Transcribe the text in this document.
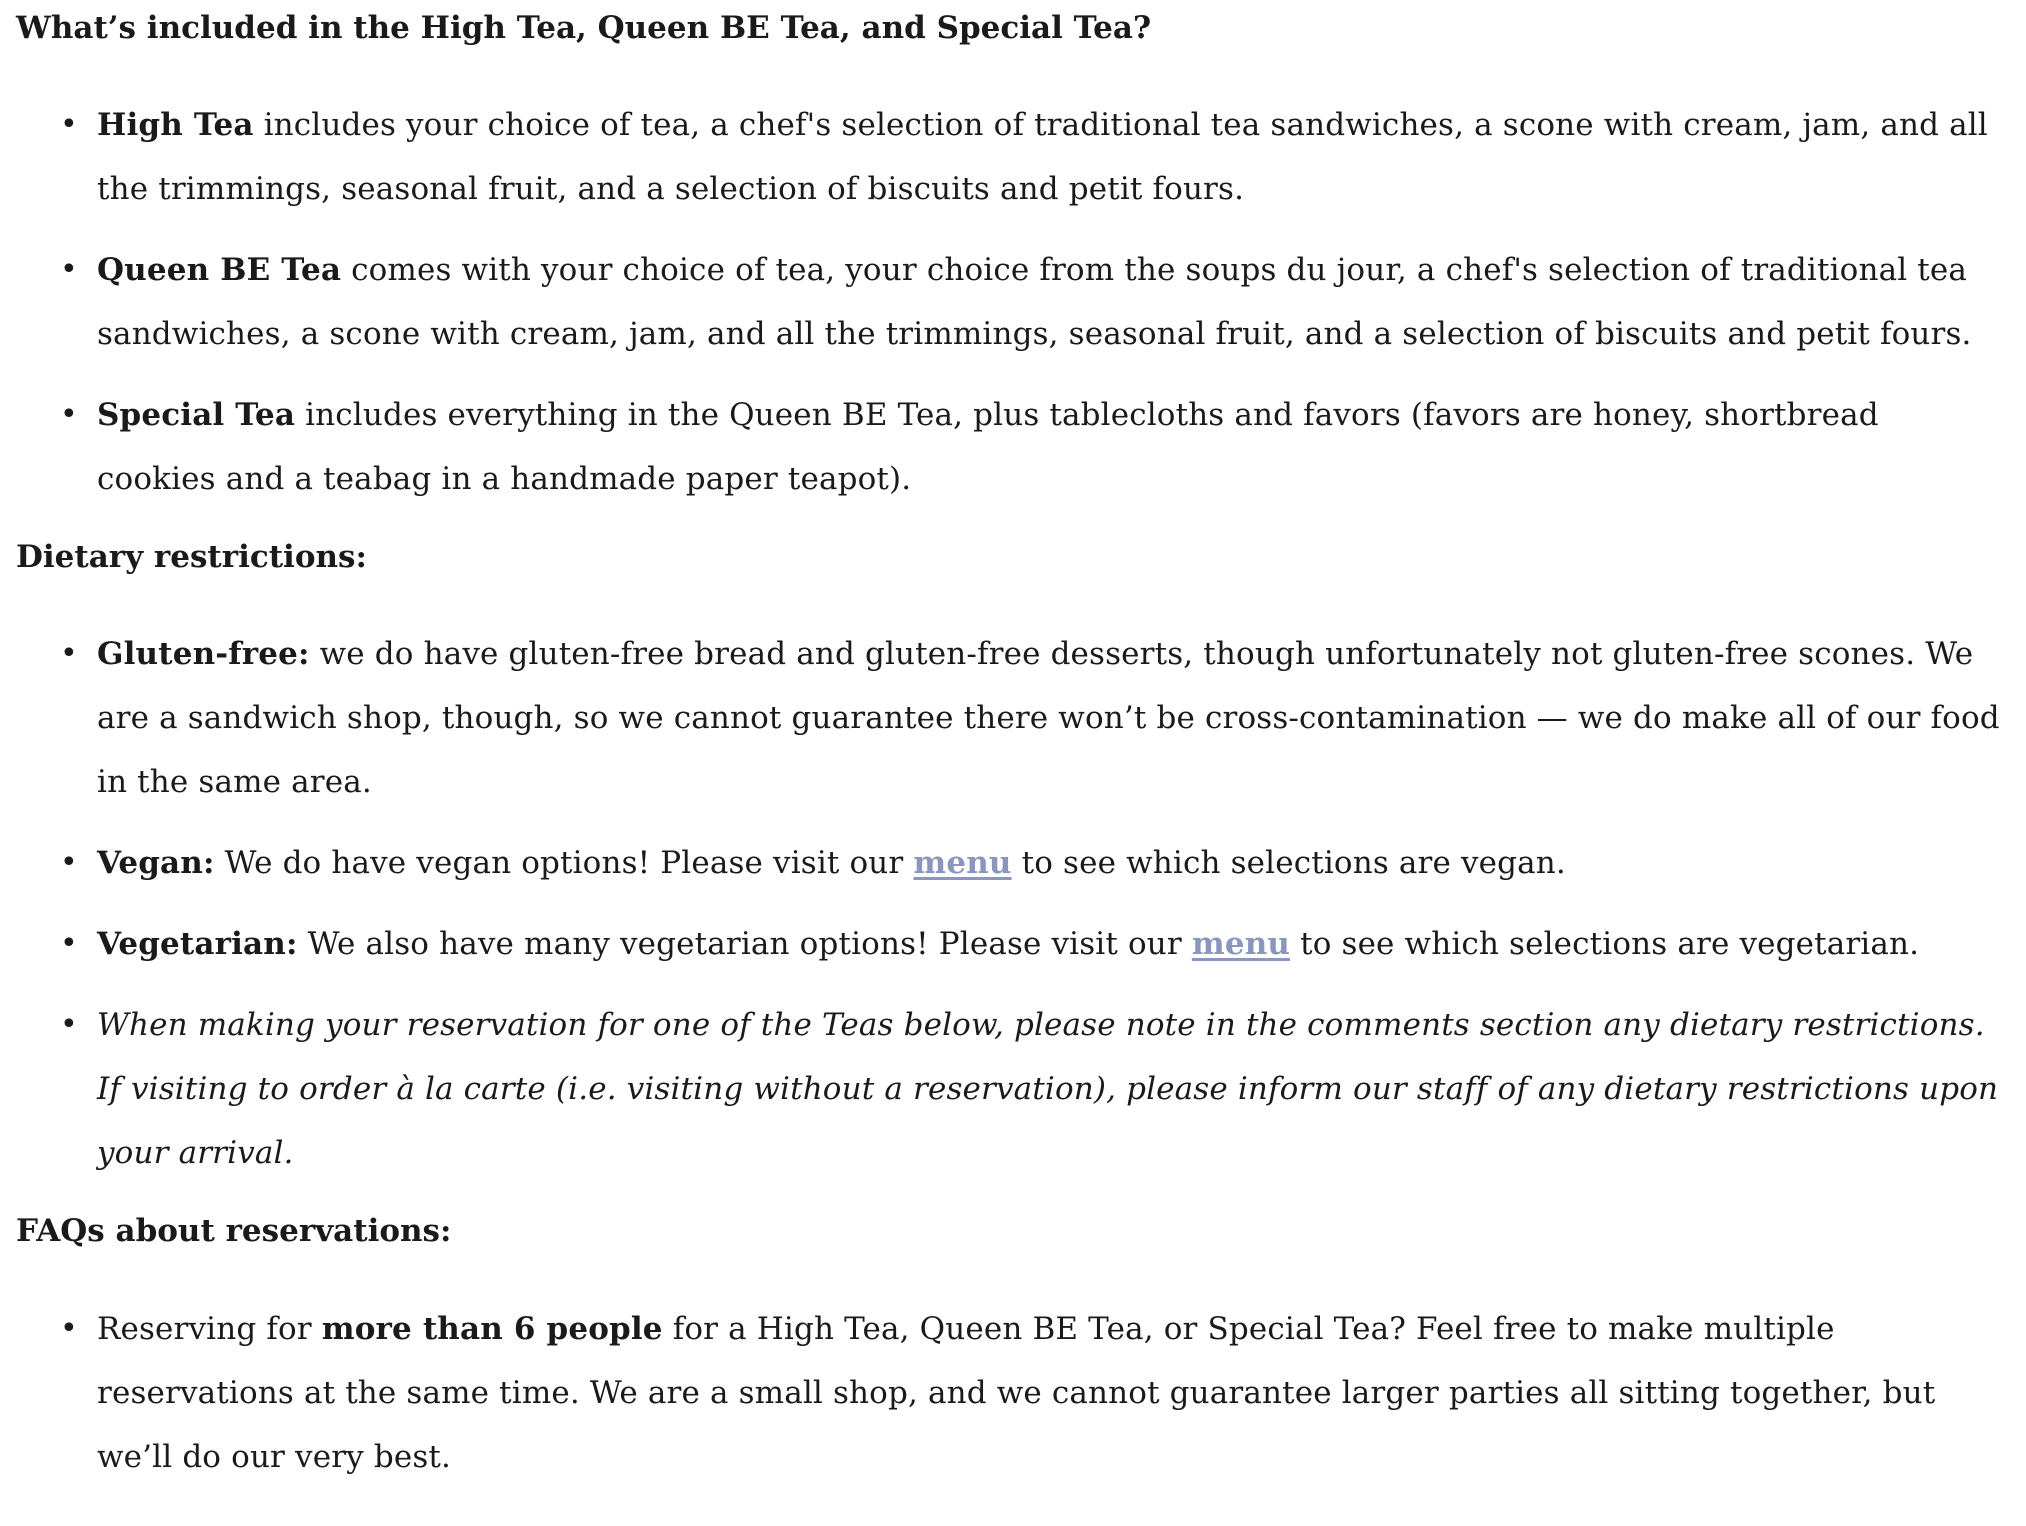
What’s included in the High Tea, Queen BE Tea, and Special Tea?
• High Tea includes your choice of tea, a chef's selection of traditional tea sandwiches, a scone with cream, jam, and all the trimmings, seasonal fruit, and a selection of biscuits and petit fours.
• Queen BE Tea comes with your choice of tea, your choice from the soups du jour, a chef's selection of traditional tea sandwiches, a scone with cream, jam, and all the trimmings, seasonal fruit, and a selection of biscuits and petit fours.
• Special Tea includes everything in the Queen BE Tea, plus tablecloths and favors (favors are honey, shortbread cookies and a teabag in a handmade paper teapot).
Dietary restrictions:
• Gluten-free: we do have gluten-free bread and gluten-free desserts, though unfortunately not gluten-free scones. We are a sandwich shop, though, so we cannot guarantee there won’t be cross-contamination — we do make all of our food in the same area.
• Vegan: We do have vegan options! Please visit our menu to see which selections are vegan.
• Vegetarian: We also have many vegetarian options! Please visit our menu to see which selections are vegetarian.
• When making your reservation for one of the Teas below, please note in the comments section any dietary restrictions. If visiting to order à la carte (i.e. visiting without a reservation), please inform our staff of any dietary restrictions upon your arrival.
FAQs about reservations:
• Reserving for more than 6 people for a High Tea, Queen BE Tea, or Special Tea? Feel free to make multiple reservations at the same time. We are a small shop, and we cannot guarantee larger parties all sitting together, but we’ll do our very best.
